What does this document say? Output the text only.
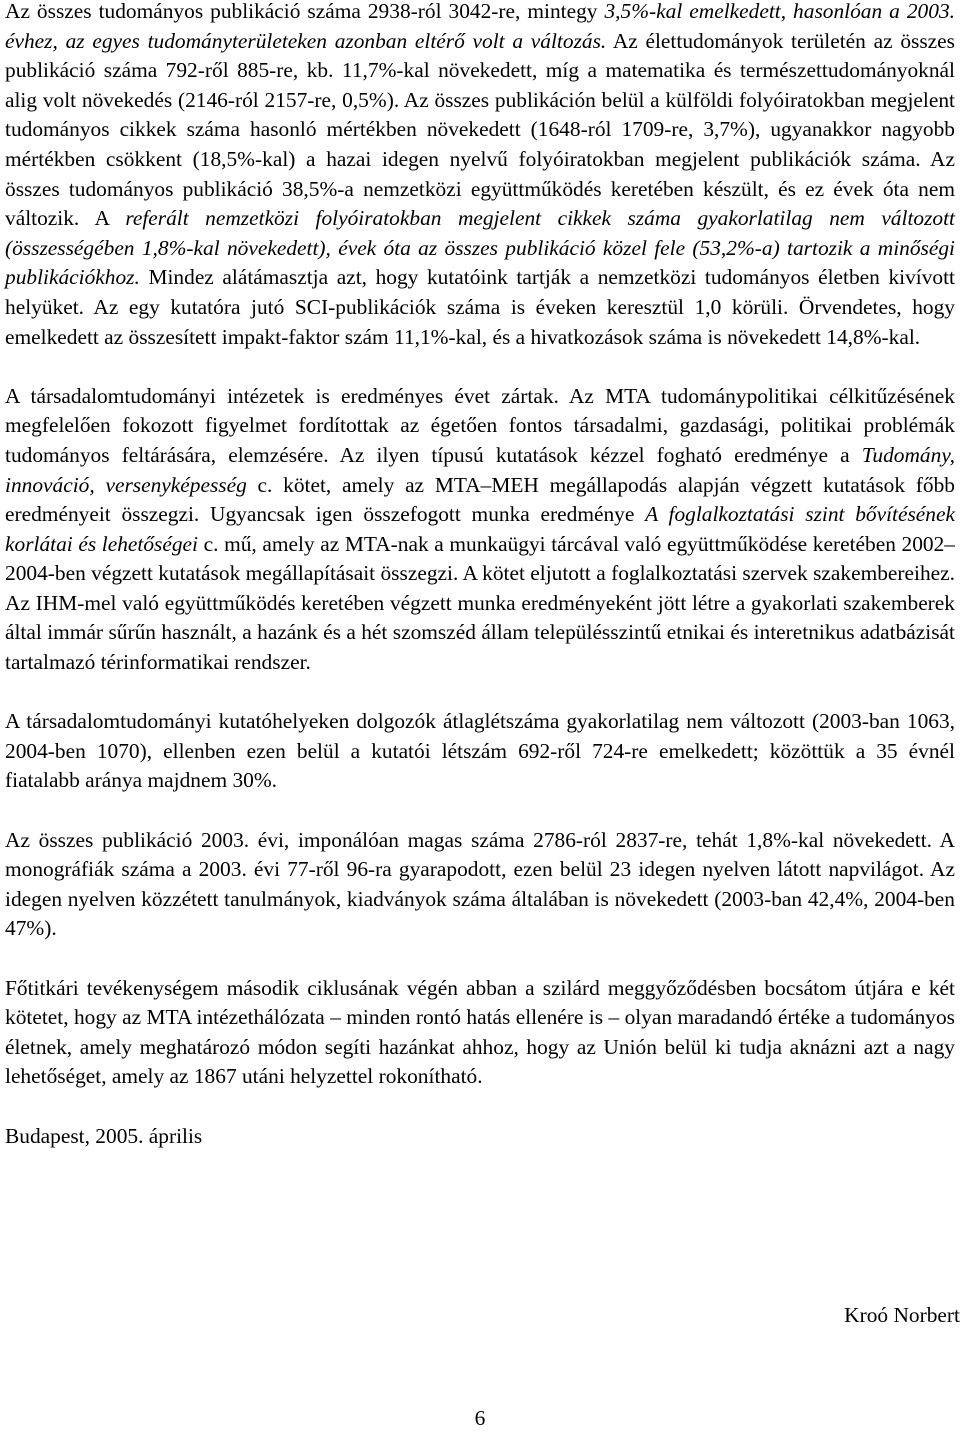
Az összes tudományos publikáció száma 2938-ról 3042-re, mintegy 3,5%-kal emelkedett, hasonlóan a 2003. évhez, az egyes tudományterületeken azonban eltérő volt a változás. Az élettudományok területén az összes publikáció száma 792-ről 885-re, kb. 11,7%-kal növekedett, míg a matematika és természettudományoknál alig volt növekedés (2146-ról 2157-re, 0,5%). Az összes publikáción belül a külföldi folyóiratokban megjelent tudományos cikkek száma hasonló mértékben növekedett (1648-ról 1709-re, 3,7%), ugyanakkor nagyobb mértékben csökkent (18,5%-kal) a hazai idegen nyelvű folyóiratokban megjelent publikációk száma. Az összes tudományos publikáció 38,5%-a nemzetközi együttműködés keretében készült, és ez évek óta nem változik. A referált nemzetközi folyóiratokban megjelent cikkek száma gyakorlatilag nem változott (összességében 1,8%-kal növekedett), évek óta az összes publikáció közel fele (53,2%-a) tartozik a minőségi publikációkhoz. Mindez alátámasztja azt, hogy kutatóink tartják a nemzetközi tudományos életben kivívott helyüket. Az egy kutatóra jutó SCI-publikációk száma is éveken keresztül 1,0 körüli. Örvendetes, hogy emelkedett az összesített impakt-faktor szám 11,1%-kal, és a hivatkozások száma is növekedett 14,8%-kal.

A társadalomtudományi intézetek is eredményes évet zártak. Az MTA tudománypolitikai célkitűzésének megfelelően fokozott figyelmet fordítottak az égetően fontos társadalmi, gazdasági, politikai problémák tudományos feltárására, elemzésére. Az ilyen típusú kutatások kézzel fogható eredménye a Tudomány, innováció, versenyképesség c. kötet, amely az MTA–MEH megállapodás alapján végzett kutatások főbb eredményeit összegzi. Ugyancsak igen összefogott munka eredménye A foglalkoztatási szint bővítésének korlátai és lehetőségei c. mű, amely az MTA-nak a munkaügyi tárcával való együttműködése keretében 2002–2004-ben végzett kutatások megállapításait összegzi. A kötet eljutott a foglalkoztatási szervek szakembereihez. Az IHM-mel való együttműködés keretében végzett munka eredményeként jött létre a gyakorlati szakemberek által immár sűrűn használt, a hazánk és a hét szomszéd állam településszintű etnikai és interetnikus adatbázisát tartalmazó térinformatikai rendszer.

A társadalomtudományi kutatóhelyeken dolgozók átlaglétszáma gyakorlatilag nem változott (2003-ban 1063, 2004-ben 1070), ellenben ezen belül a kutatói létszám 692-ről 724-re emelkedett; közöttük a 35 évnél fiatalabb aránya majdnem 30%.

Az összes publikáció 2003. évi, imponálóan magas száma 2786-ról 2837-re, tehát 1,8%-kal növekedett. A monográfiák száma a 2003. évi 77-ről 96-ra gyarapodott, ezen belül 23 idegen nyelven látott napvilágot. Az idegen nyelven közzétett tanulmányok, kiadványok száma általában is növekedett (2003-ban 42,4%, 2004-ben 47%).

Főtitkári tevékenységem második ciklusának végén abban a szilárd meggyőződésben bocsátom útjára e két kötetet, hogy az MTA intézethálózata – minden rontó hatás ellenére is – olyan maradandó értéke a tudományos életnek, amely meghatározó módon segíti hazánkat ahhoz, hogy az Unión belül ki tudja aknázni azt a nagy lehetőséget, amely az 1867 utáni helyzettel rokonítható.

Budapest, 2005. április

Kroó Norbert
6
